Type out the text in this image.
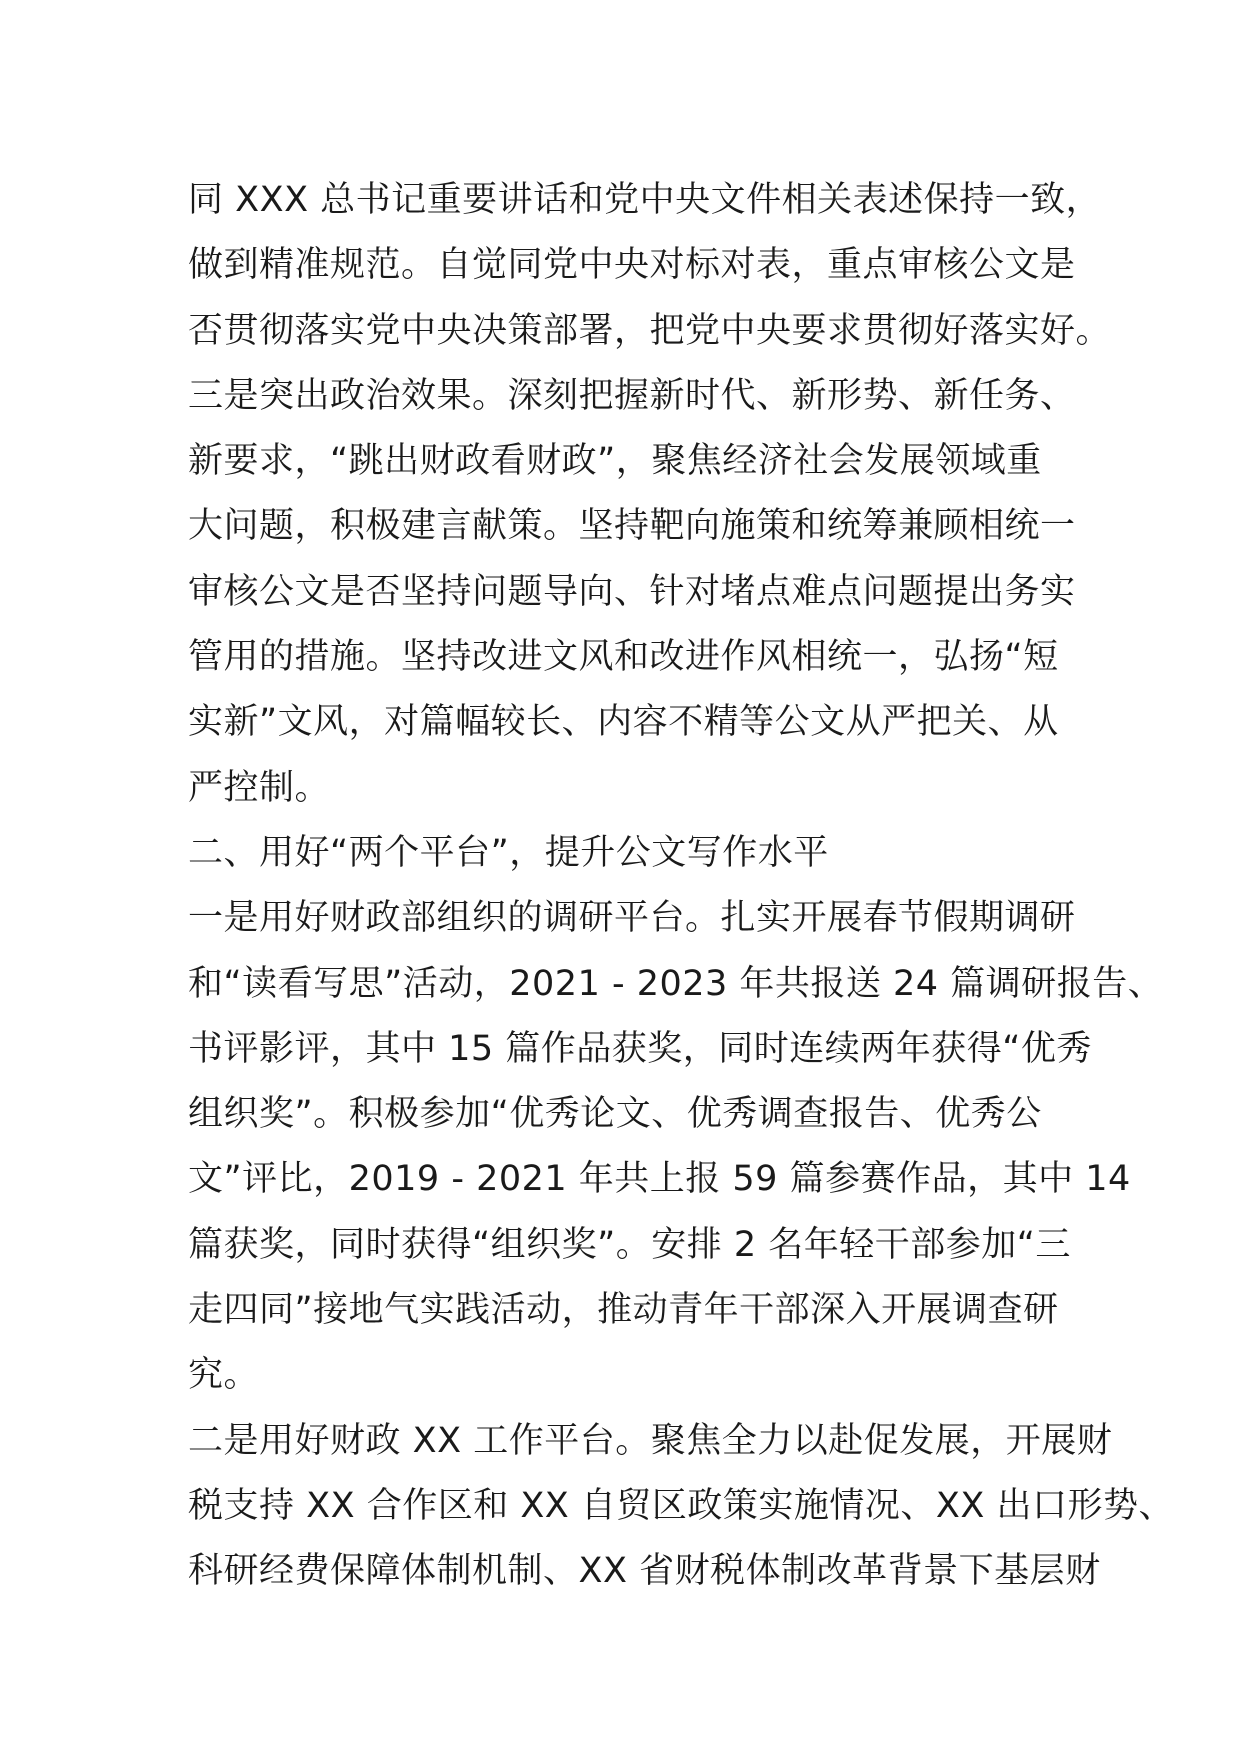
同 XXX 总书记重要讲话和党中央文件相关表述保持一致，
做到精准规范。自觉同党中央对标对表，重点审核公文是
否贯彻落实党中央决策部署，把党中央要求贯彻好落实好。
三是突出政治效果。深刻把握新时代、新形势、新任务、
新要求，“跳出财政看财政”，聚焦经济社会发展领域重
大问题，积极建言献策。坚持靶向施策和统筹兼顾相统一
审核公文是否坚持问题导向、针对堵点难点问题提出务实
管用的措施。坚持改进文风和改进作风相统一，弘扬“短
实新”文风，对篇幅较长、内容不精等公文从严把关、从
严控制。
二、用好“两个平台”，提升公文写作水平
一是用好财政部组织的调研平台。扎实开展春节假期调研
和“读看写思”活动，2021 - 2023 年共报送 24 篇调研报告、
书评影评，其中 15 篇作品获奖，同时连续两年获得“优秀
组织奖”。积极参加“优秀论文、优秀调查报告、优秀公
文”评比，2019 - 2021 年共上报 59 篇参赛作品，其中 14
篇获奖，同时获得“组织奖”。安排 2 名年轻干部参加“三
走四同”接地气实践活动，推动青年干部深入开展调查研
究。
二是用好财政 XX 工作平台。聚焦全力以赴促发展，开展财
税支持 XX 合作区和 XX 自贸区政策实施情况、XX 出口形势、
科研经费保障体制机制、XX 省财税体制改革背景下基层财
